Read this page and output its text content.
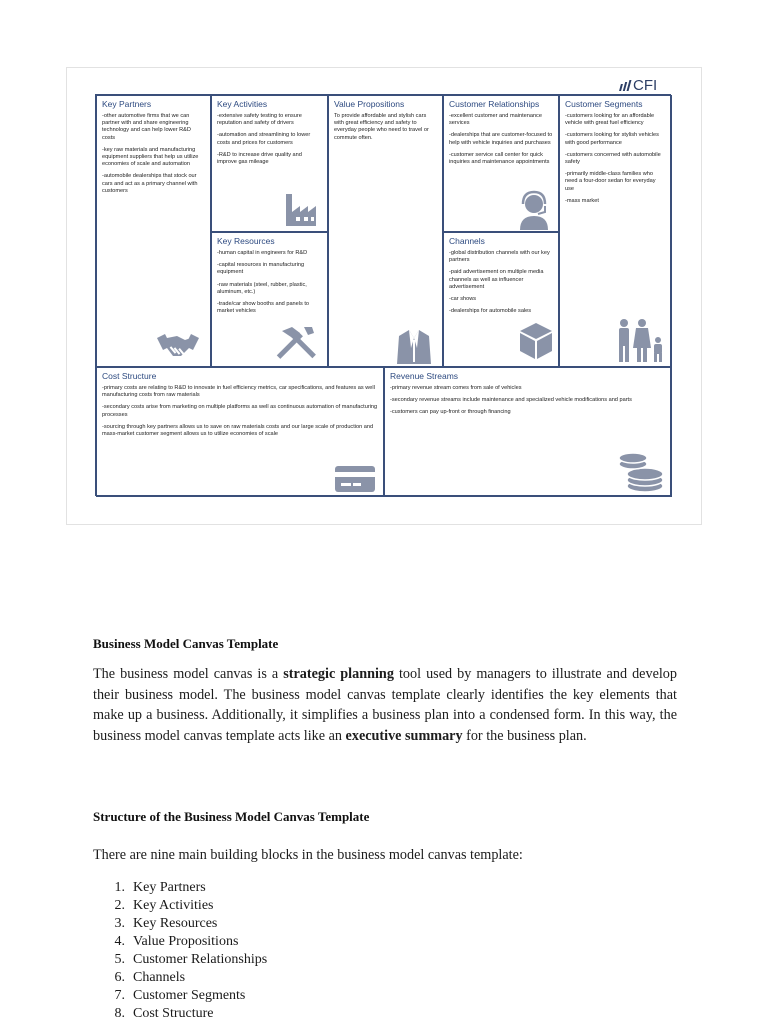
CFI
Key Partners
-other automotive firms that we can partner with and share engineering technology and can help lower R&D costs
-key raw materials and manufacturing equipment suppliers that help us utilize economies of scale and automation
-automobile dealerships that stock our cars and act as a primary channel with customers
Key Activities
-extensive safety testing to ensure reputation and safety of drivers
-automation and streamlining to lower costs and prices for customers
-R&D to increase drive quality and improve gas mileage
Key Resources
-human capital in engineers for R&D
-capital resources in manufacturing equipment
-raw materials (steel, rubber, plastic, aluminum, etc.)
-trade/car show booths and panels to market vehicles
Value Propositions
To provide affordable and stylish cars with great efficiency and safety to everyday people who need to travel or commute often.
Customer Relationships
-excellent customer and maintenance services
-dealerships that are customer-focused to help with vehicle inquiries and purchases
-customer service call center for quick inquiries and maintenance appointments
Channels
-global distribution channels with our key partners
-paid advertisement on multiple media channels as well as influencer advertisement
-car shows
-dealerships for automobile sales
Customer Segments
-customers looking for an affordable vehicle with great fuel efficiency
-customers looking for stylish vehicles with good performance
-customers concerned with automobile safety
-primarily middle-class families who need a four-door sedan for everyday use
-mass market
Cost Structure
-primary costs are relating to R&D to innovate in fuel efficiency metrics, car specifications, and features as well manufacturing costs from raw materials
-secondary costs arise from marketing on multiple platforms as well as continuous automation of manufacturing processes
-sourcing through key partners allows us to save on raw materials costs and our large scale of production and mass-market customer segment allows us to utilize economies of scale
Revenue Streams
-primary revenue stream comes from sale of vehicles
-secondary revenue streams include maintenance and specialized vehicle modifications and parts
-customers can pay up-front or through financing
Business Model Canvas Template

The business model canvas is a strategic planning tool used by managers to illustrate and develop their business model. The business model canvas template clearly identifies the key elements that make up a business. Additionally, it simplifies a business plan into a condensed form. In this way, the business model canvas template acts like an executive summary for the business plan.

Structure of the Business Model Canvas Template

There are nine main building blocks in the business model canvas template:

1. Key Partners
2. Key Activities
3. Key Resources
4. Value Propositions
5. Customer Relationships
6. Channels
7. Customer Segments
8. Cost Structure
